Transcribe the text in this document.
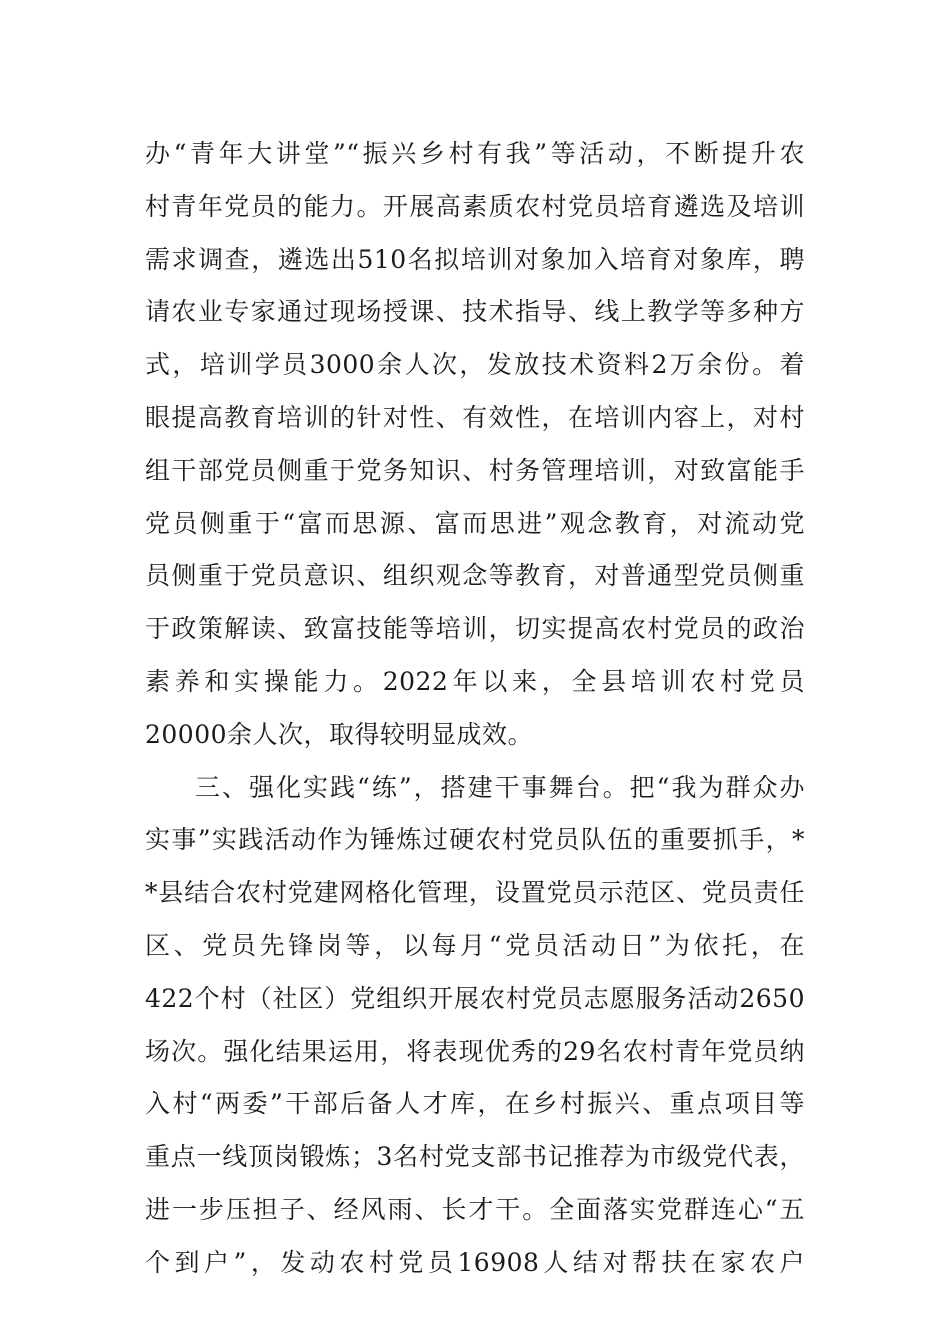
办“青年大讲堂”“振兴乡村有我”等活动，不断提升农
村青年党员的能力。开展高素质农村党员培育遴选及培训
需求调查，遴选出510名拟培训对象加入培育对象库，聘
请农业专家通过现场授课、技术指导、线上教学等多种方
式，培训学员3000余人次，发放技术资料2万余份。着
眼提高教育培训的针对性、有效性，在培训内容上，对村
组干部党员侧重于党务知识、村务管理培训，对致富能手
党员侧重于“富而思源、富而思进”观念教育，对流动党
员侧重于党员意识、组织观念等教育，对普通型党员侧重
于政策解读、致富技能等培训，切实提高农村党员的政治
素养和实操能力。2022年以来，全县培训农村党员
20000余人次，取得较明显成效。
三、强化实践“练”，搭建干事舞台。把“我为群众办
实事”实践活动作为锤炼过硬农村党员队伍的重要抓手，*
*县结合农村党建网格化管理，设置党员示范区、党员责任
区、党员先锋岗等，以每月“党员活动日”为依托，在
422个村（社区）党组织开展农村党员志愿服务活动2650
场次。强化结果运用，将表现优秀的29名农村青年党员纳
入村“两委”干部后备人才库，在乡村振兴、重点项目等
重点一线顶岗锻炼；3名村党支部书记推荐为市级党代表，
进一步压担子、经风雨、长才干。全面落实党群连心“五
个到户”，发动农村党员16908人结对帮扶在家农户
